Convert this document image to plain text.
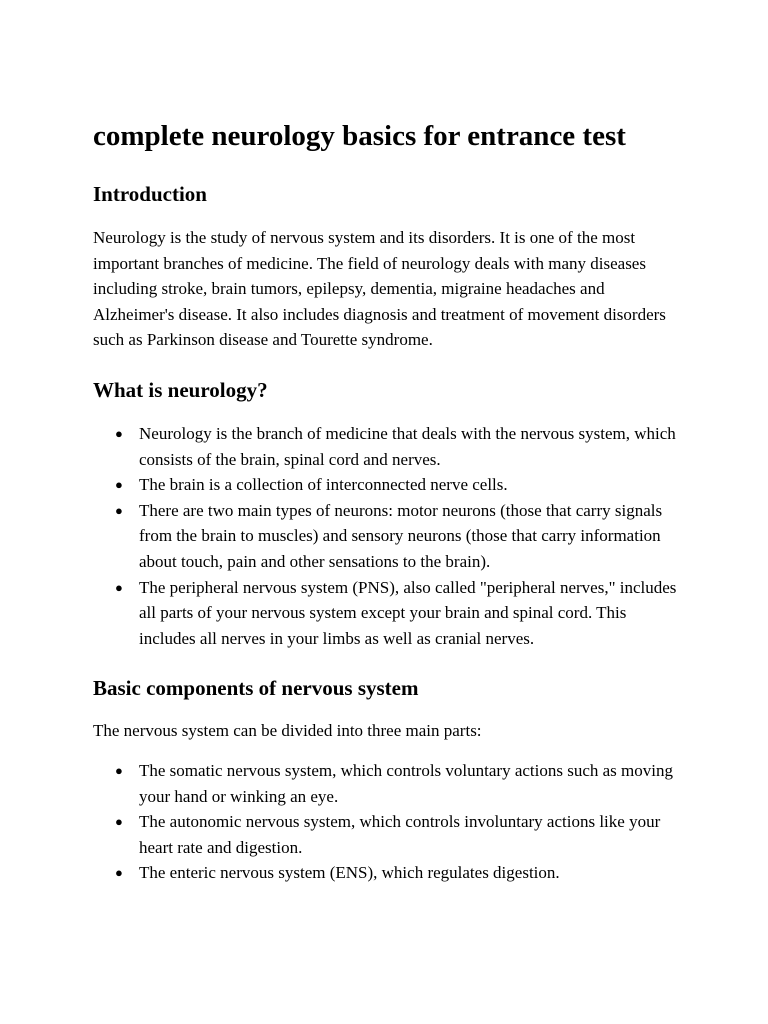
complete neurology basics for entrance test
Introduction

Neurology is the study of nervous system and its disorders. It is one of the most important branches of medicine. The field of neurology deals with many diseases including stroke, brain tumors, epilepsy, dementia, migraine headaches and Alzheimer's disease. It also includes diagnosis and treatment of movement disorders such as Parkinson disease and Tourette syndrome.

What is neurology?
● Neurology is the branch of medicine that deals with the nervous system, which consists of the brain, spinal cord and nerves.
● The brain is a collection of interconnected nerve cells.
● There are two main types of neurons: motor neurons (those that carry signals from the brain to muscles) and sensory neurons (those that carry information about touch, pain and other sensations to the brain).
● The peripheral nervous system (PNS), also called "peripheral nerves," includes all parts of your nervous system except your brain and spinal cord. This includes all nerves in your limbs as well as cranial nerves.
Basic components of nervous system

The nervous system can be divided into three main parts:

● The somatic nervous system, which controls voluntary actions such as moving your hand or winking an eye.
● The autonomic nervous system, which controls involuntary actions like your heart rate and digestion.
● The enteric nervous system (ENS), which regulates digestion.
